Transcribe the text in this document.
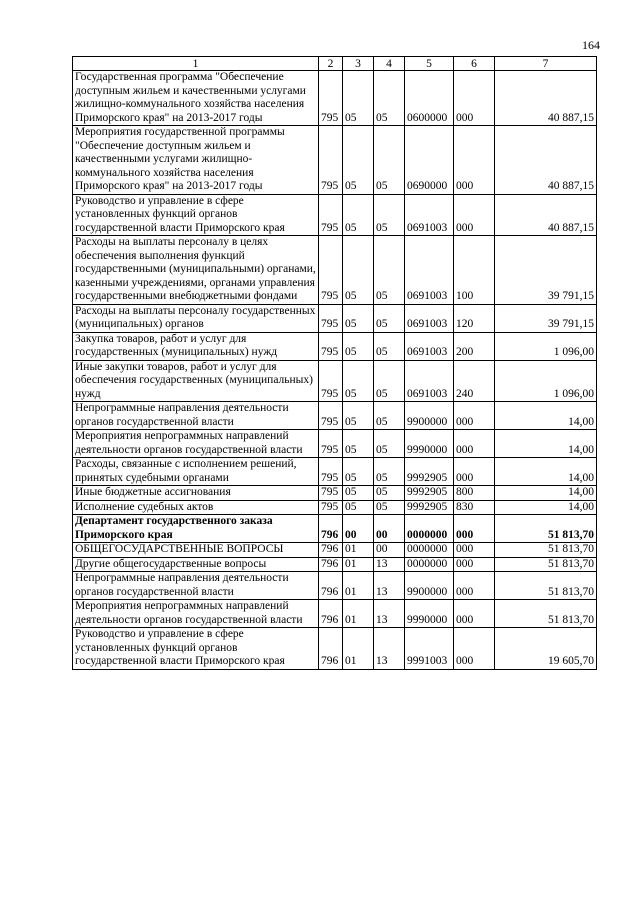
164
1	2	3	4	5	6	7
Государственная программа "Обеспечение доступным жильем и качественными услугами жилищно-коммунального хозяйства населения Приморского края" на 2013-2017 годы	795	05	05	0600000	000	40 887,15
Мероприятия государственной программы "Обеспечение доступным жильем и качественными услугами жилищно-коммунального хозяйства населения Приморского края" на 2013-2017 годы	795	05	05	0690000	000	40 887,15
Руководство и управление в сфере установленных функций органов государственной власти Приморского края	795	05	05	0691003	000	40 887,15
Расходы на выплаты персоналу в целях обеспечения выполнения функций государственными (муниципальными) органами, казенными учреждениями, органами управления государственными внебюджетными фондами	795	05	05	0691003	100	39 791,15
Расходы на выплаты персоналу государственных (муниципальных) органов	795	05	05	0691003	120	39 791,15
Закупка товаров, работ и услуг для государственных (муниципальных) нужд	795	05	05	0691003	200	1 096,00
Иные закупки товаров, работ и услуг для обеспечения государственных (муниципальных) нужд	795	05	05	0691003	240	1 096,00
Непрограммные направления деятельности органов государственной власти	795	05	05	9900000	000	14,00
Мероприятия непрограммных направлений деятельности органов государственной власти	795	05	05	9990000	000	14,00
Расходы, связанные с исполнением решений, принятых судебными органами	795	05	05	9992905	000	14,00
Иные бюджетные ассигнования	795	05	05	9992905	800	14,00
Исполнение судебных актов	795	05	05	9992905	830	14,00
Департамент государственного заказа Приморского края	796	00	00	0000000	000	51 813,70
ОБЩЕГОСУДАРСТВЕННЫЕ ВОПРОСЫ	796	01	00	0000000	000	51 813,70
Другие общегосударственные вопросы	796	01	13	0000000	000	51 813,70
Непрограммные направления деятельности органов государственной власти	796	01	13	9900000	000	51 813,70
Мероприятия непрограммных направлений деятельности органов государственной власти	796	01	13	9990000	000	51 813,70
Руководство и управление в сфере установленных функций органов государственной власти Приморского края	796	01	13	9991003	000	19 605,70
